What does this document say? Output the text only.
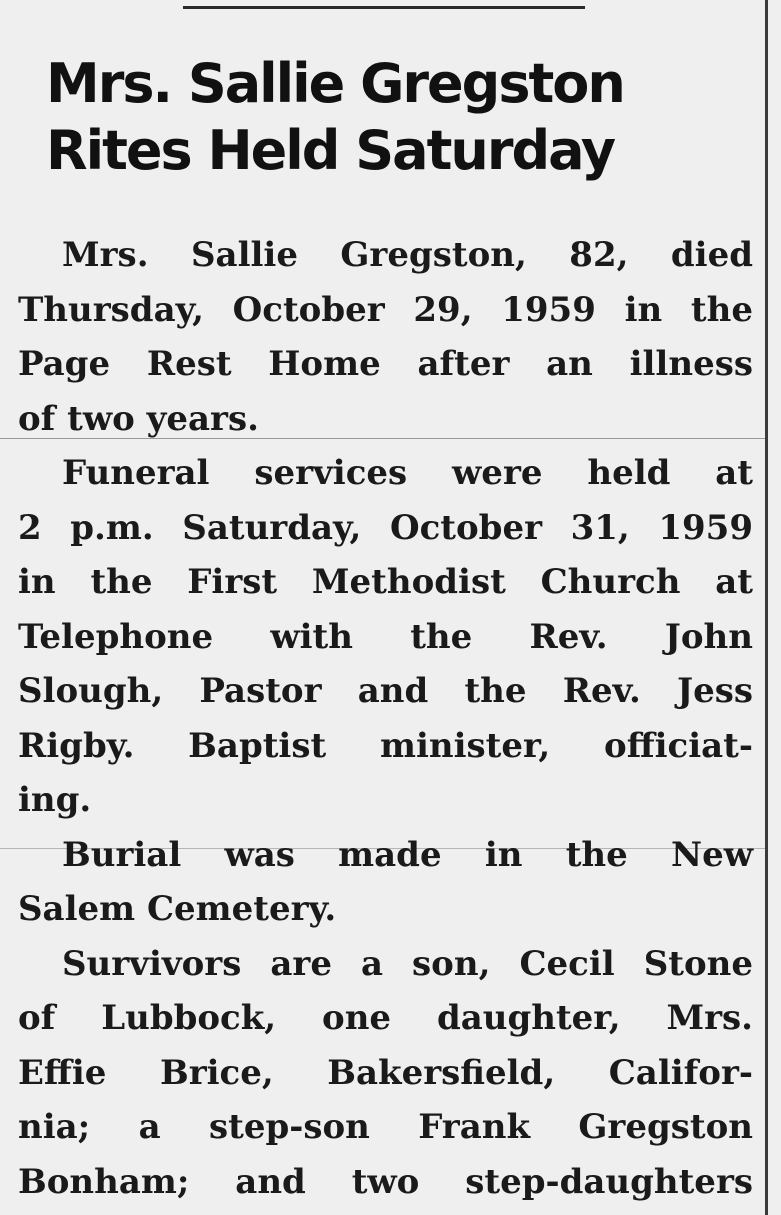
Mrs. Sallie Gregston
Rites Held Saturday
Mrs. Sallie Gregston, 82, died
Thursday, October 29, 1959 in the
Page Rest Home after an illness
of two years.
Funeral services were held at
2 p.m. Saturday, October 31, 1959
in the First Methodist Church at
Telephone with the Rev. John
Slough, Pastor and the Rev. Jess
Rigby. Baptist minister, officiat-
ing.
Burial was made in the New
Salem Cemetery.
Survivors are a son, Cecil Stone
of Lubbock, one daughter, Mrs.
Effie Brice, Bakersfield, Califor-
nia; a step-son Frank Gregston
Bonham; and two step-daughters
